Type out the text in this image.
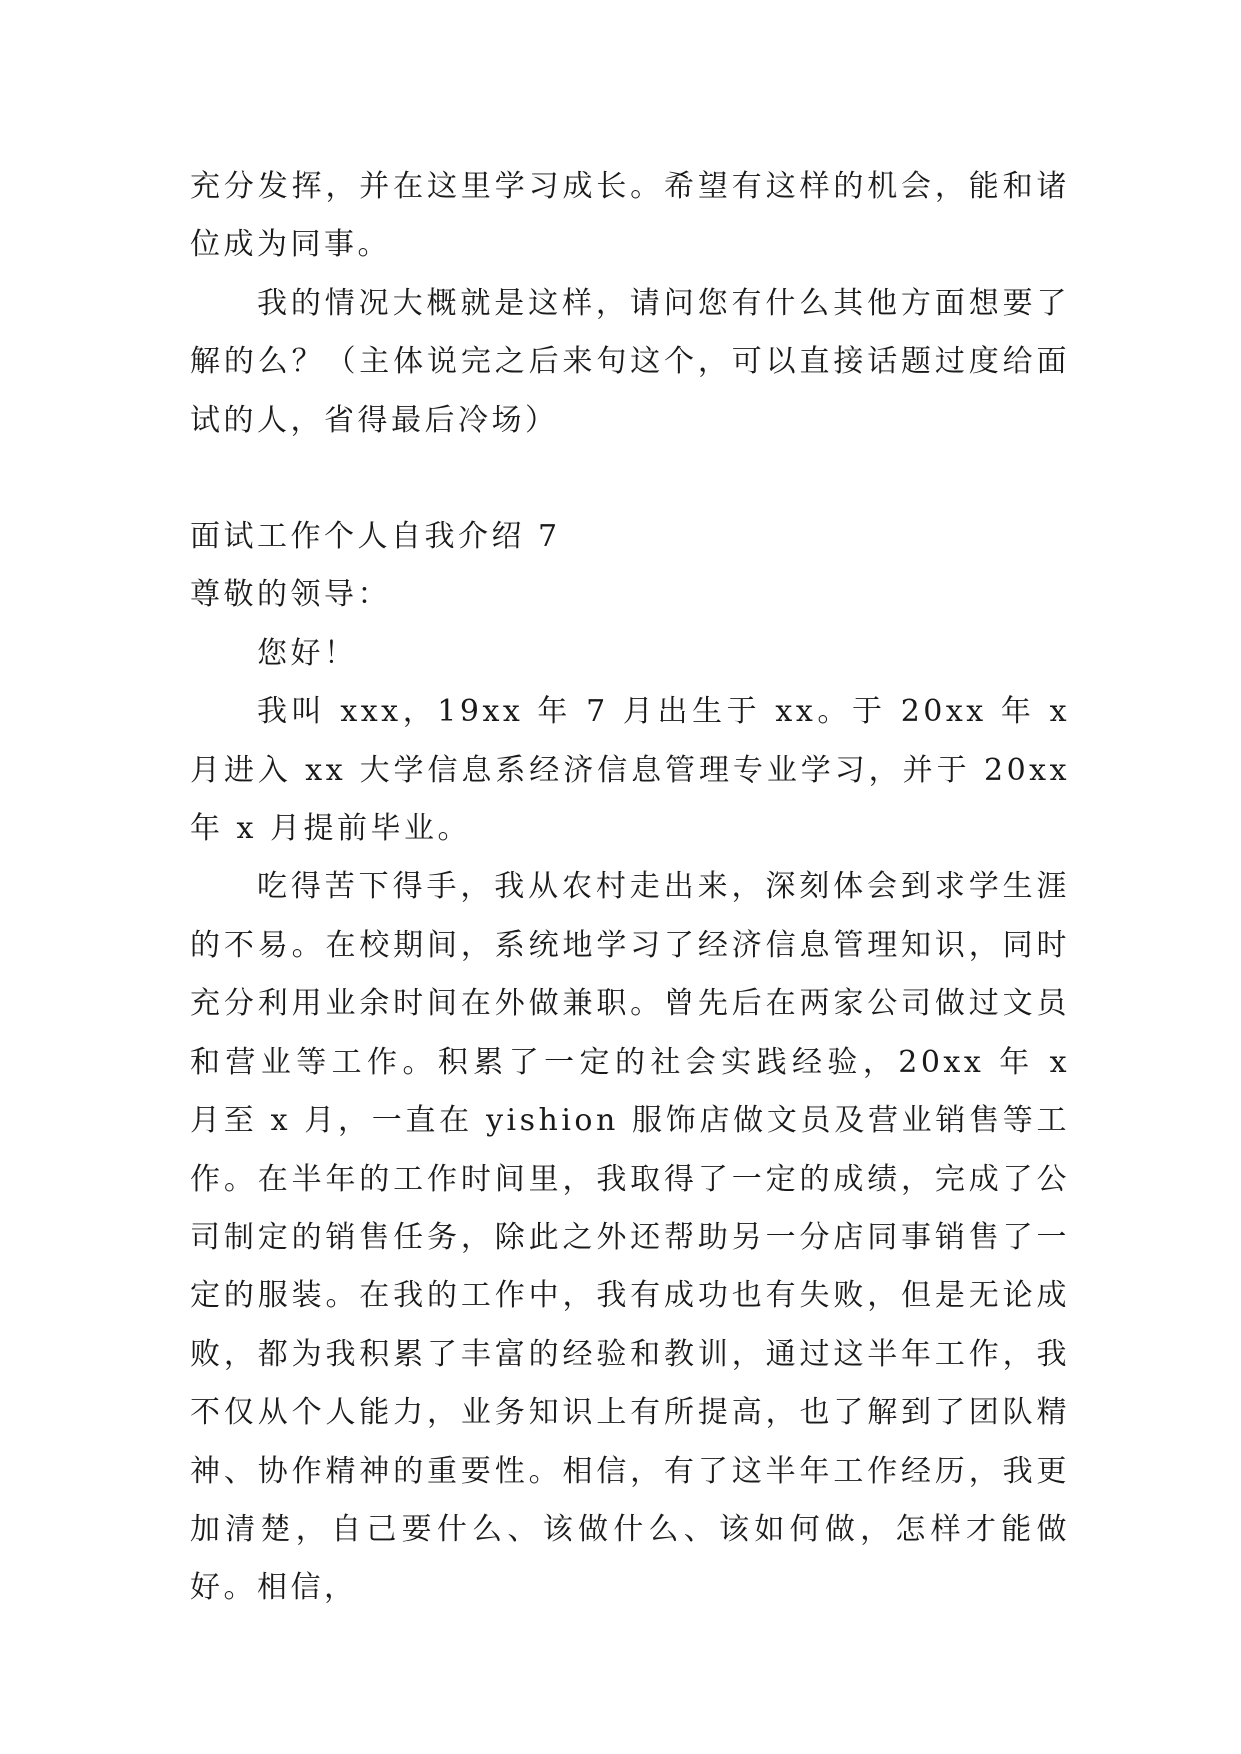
充分发挥，并在这里学习成长。希望有这样的机会，能和诸位成为同事。

我的情况大概就是这样，请问您有什么其他方面想要了解的么？（主体说完之后来句这个，可以直接话题过度给面试的人，省得最后冷场）

面试工作个人自我介绍 7

尊敬的领导：

您好！

我叫 xxx，19xx 年 7 月出生于 xx。于 20xx 年 x 月进入 xx 大学信息系经济信息管理专业学习，并于 20xx 年 x 月提前毕业。

吃得苦下得手，我从农村走出来，深刻体会到求学生涯的不易。在校期间，系统地学习了经济信息管理知识，同时充分利用业余时间在外做兼职。曾先后在两家公司做过文员和营业等工作。积累了一定的社会实践经验，20xx 年 x 月至 x 月，一直在 yishion 服饰店做文员及营业销售等工作。在半年的工作时间里，我取得了一定的成绩，完成了公司制定的销售任务，除此之外还帮助另一分店同事销售了一定的服装。在我的工作中，我有成功也有失败，但是无论成败，都为我积累了丰富的经验和教训，通过这半年工作，我不仅从个人能力，业务知识上有所提高，也了解到了团队精神、协作精神的重要性。相信，有了这半年工作经历，我更加清楚，自己要什么、该做什么、该如何做，怎样才能做好。相信，
